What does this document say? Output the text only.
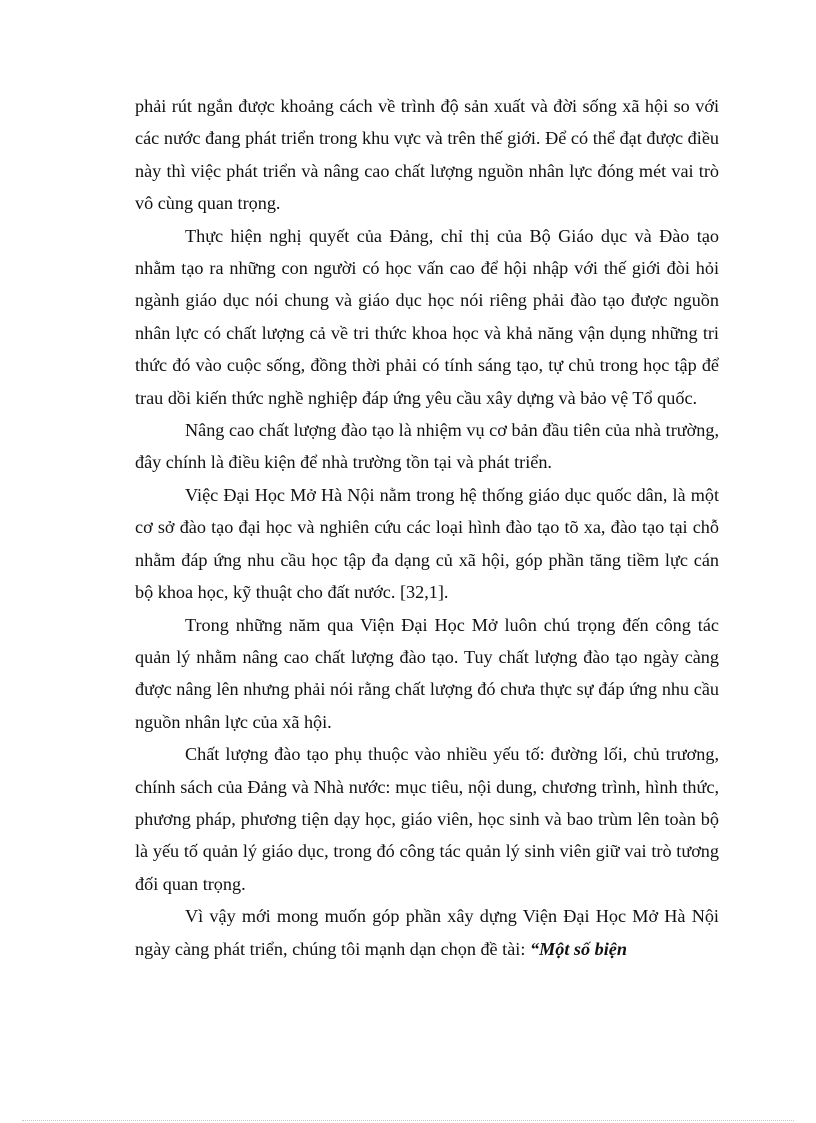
phải rút ngắn được khoảng cách về trình độ sản xuất và đời sống xã hội so với các nước đang phát triển trong khu vực và trên thế giới. Để có thể đạt được điều này thì việc phát triển và nâng cao chất lượng nguồn nhân lực đóng mét vai trò vô cùng quan trọng.

Thực hiện nghị quyết của Đảng, chỉ thị của Bộ Giáo dục và Đào tạo nhằm tạo ra những con người có học vấn cao để hội nhập với thế giới đòi hỏi ngành giáo dục nói chung và giáo dục học nói riêng phải đào tạo được nguồn nhân lực có chất lượng cả về tri thức khoa học và khả năng vận dụng những tri thức đó vào cuộc sống, đồng thời phải có tính sáng tạo, tự chủ trong học tập để trau dồi kiến thức nghề nghiệp đáp ứng yêu cầu xây dựng và bảo vệ Tổ quốc.

Nâng cao chất lượng đào tạo là nhiệm vụ cơ bản đầu tiên của nhà trường, đây chính là điều kiện để nhà trường tồn tại và phát triển.

Việc Đại Học Mở Hà Nội nằm trong hệ thống giáo dục quốc dân, là một cơ sở đào tạo đại học và nghiên cứu các loại hình đào tạo tõ xa, đào tạo tại chỗ nhằm đáp ứng nhu cầu học tập đa dạng củ xã hội, góp phần tăng tiềm lực cán bộ khoa học, kỹ thuật cho đất nước. [32,1].

Trong những năm qua Viện Đại Học Mở luôn chú trọng đến công tác quản lý nhằm nâng cao chất lượng đào tạo. Tuy chất lượng đào tạo ngày càng được nâng lên nhưng phải nói rằng chất lượng đó chưa thực sự đáp ứng nhu cầu nguồn nhân lực của xã hội.

Chất lượng đào tạo phụ thuộc vào nhiều yếu tố: đường lối, chủ trương, chính sách của Đảng và Nhà nước: mục tiêu, nội dung, chương trình, hình thức, phương pháp, phương tiện dạy học, giáo viên, học sinh và bao trùm lên toàn bộ là yếu tố quản lý giáo dục, trong đó công tác quản lý sinh viên giữ vai trò tương đối quan trọng.

Vì vậy mới mong muốn góp phần xây dựng Viện Đại Học Mở Hà Nội ngày càng phát triển, chúng tôi mạnh dạn chọn đề tài: “Một số biện
